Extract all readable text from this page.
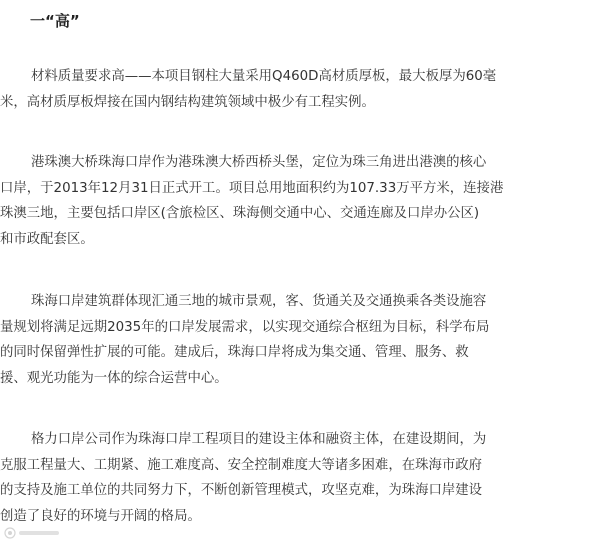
一“高”
材料质量要求高——本项目钢柱大量采用Q460D高材质厚板，最大板厚为60毫
米，高材质厚板焊接在国内钢结构建筑领域中极少有工程实例。
港珠澳大桥珠海口岸作为港珠澳大桥西桥头堡，定位为珠三角进出港澳的核心
口岸，于2013年12月31日正式开工。项目总用地面积约为107.33万平方米，连接港
珠澳三地，主要包括口岸区(含旅检区、珠海侧交通中心、交通连廊及口岸办公区)
和市政配套区。
珠海口岸建筑群体现汇通三地的城市景观，客、货通关及交通换乘各类设施容
量规划将满足远期2035年的口岸发展需求，以实现交通综合枢纽为目标，科学布局
的同时保留弹性扩展的可能。建成后，珠海口岸将成为集交通、管理、服务、救
援、观光功能为一体的综合运营中心。
格力口岸公司作为珠海口岸工程项目的建设主体和融资主体，在建设期间，为
克服工程量大、工期紧、施工难度高、安全控制难度大等诸多困难，在珠海市政府
的支持及施工单位的共同努力下，不断创新管理模式，攻坚克难，为珠海口岸建设
创造了良好的环境与开阔的格局。
